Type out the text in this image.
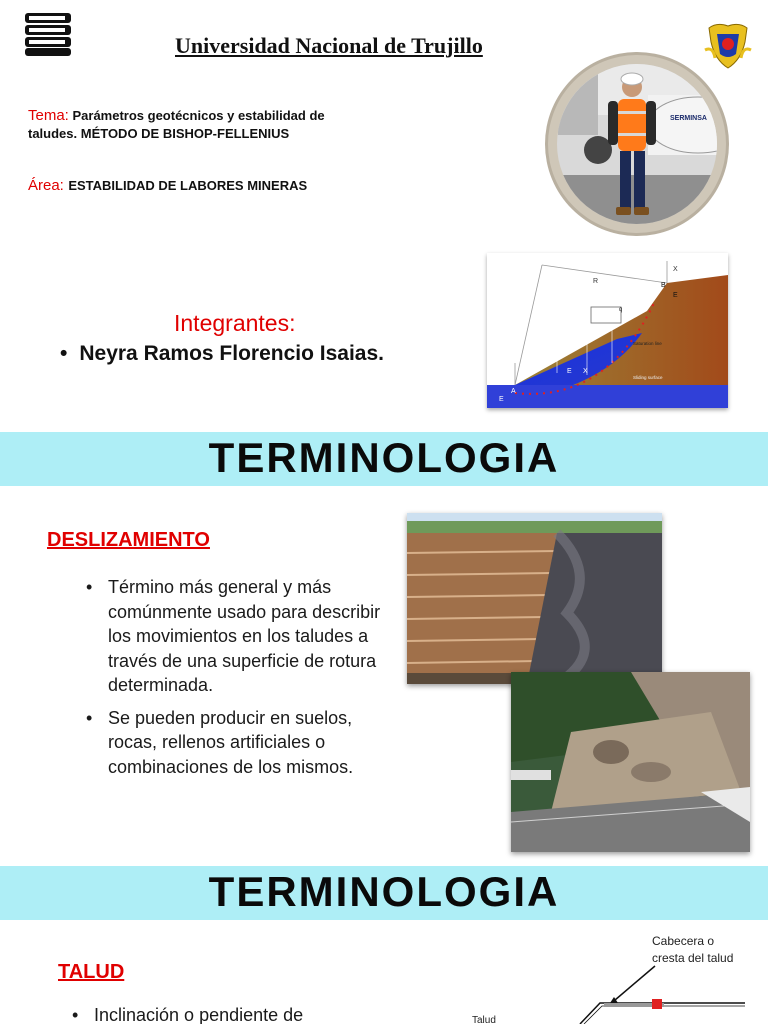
Universidad Nacional de Trujillo
Tema: Parámetros geotécnicos y estabilidad de
taludes. MÉTODO DE BISHOP-FELLENIUS
Área: ESTABILIDAD DE LABORES MINERAS
SERMINSA
X
R
B
E
E X
A
E
Saturation line
Sliding surface
q
Integrantes:
• Neyra Ramos Florencio Isaias.
TERMINOLOGIA
DESLIZAMIENTO
• Término más general y más comúnmente usado para describir los movimientos en los taludes a través de una superficie de rotura determinada.
• Se pueden producir en suelos, rocas, rellenos artificiales o combinaciones de los mismos.
TERMINOLOGIA
TALUD
• Inclinación o pendiente de
Cabecera o
cresta del talud
Talud
